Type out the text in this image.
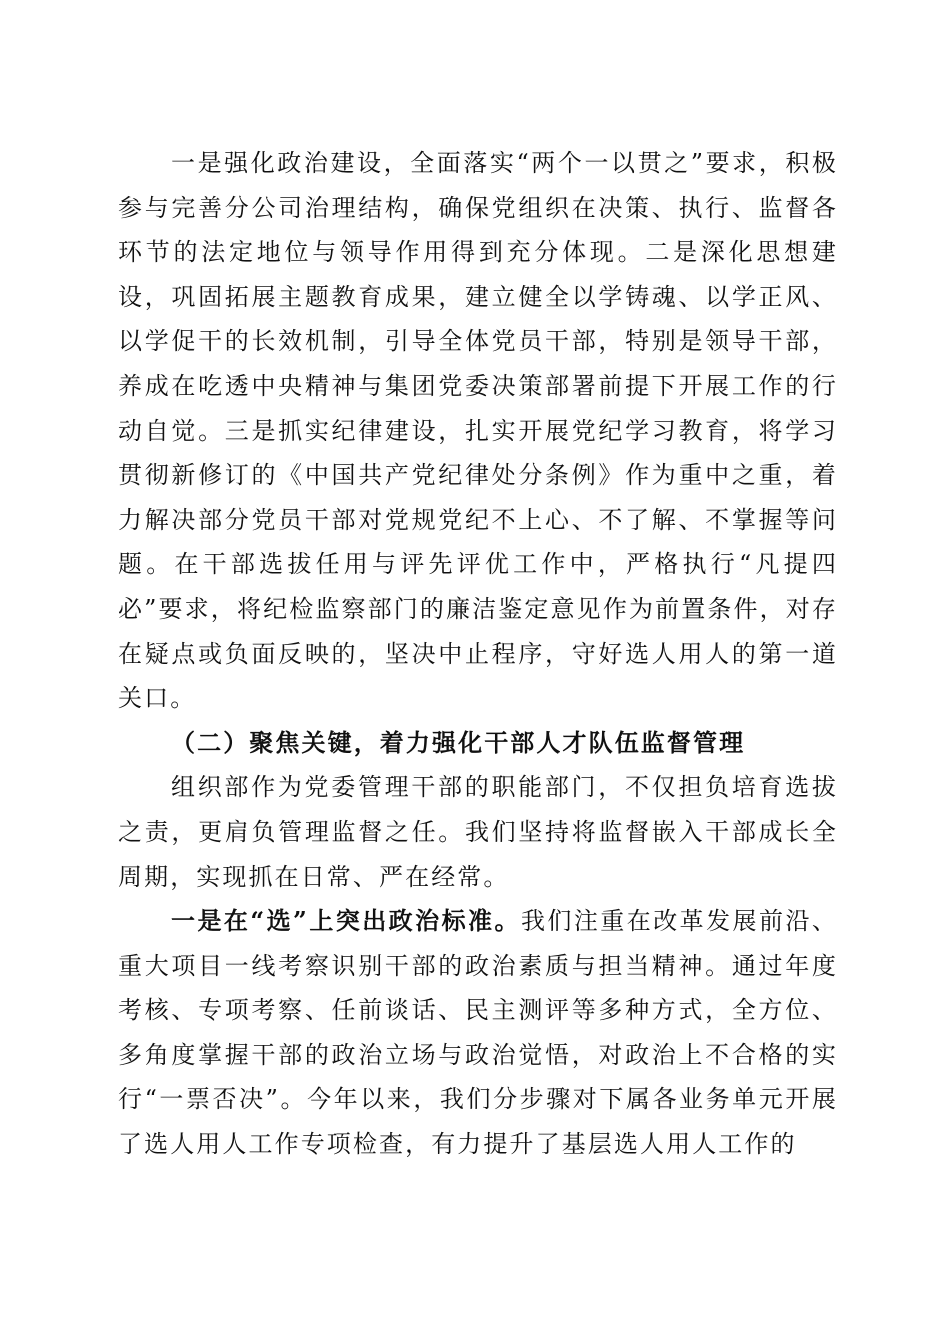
一是强化政治建设，全面落实“两个一以贯之”要求，积极参与完善分公司治理结构，确保党组织在决策、执行、监督各环节的法定地位与领导作用得到充分体现。二是深化思想建设，巩固拓展主题教育成果，建立健全以学铸魂、以学正风、以学促干的长效机制，引导全体党员干部，特别是领导干部，养成在吃透中央精神与集团党委决策部署前提下开展工作的行动自觉。三是抓实纪律建设，扎实开展党纪学习教育，将学习贯彻新修订的《中国共产党纪律处分条例》作为重中之重，着力解决部分党员干部对党规党纪不上心、不了解、不掌握等问题。在干部选拔任用与评先评优工作中，严格执行“凡提四必”要求，将纪检监察部门的廉洁鉴定意见作为前置条件，对存在疑点或负面反映的，坚决中止程序，守好选人用人的第一道关口。

（二）聚焦关键，着力强化干部人才队伍监督管理

组织部作为党委管理干部的职能部门，不仅担负培育选拔之责，更肩负管理监督之任。我们坚持将监督嵌入干部成长全周期，实现抓在日常、严在经常。

一是在“选”上突出政治标准。我们注重在改革发展前沿、重大项目一线考察识别干部的政治素质与担当精神。通过年度考核、专项考察、任前谈话、民主测评等多种方式，全方位、多角度掌握干部的政治立场与政治觉悟，对政治上不合格的实行“一票否决”。今年以来，我们分步骤对下属各业务单元开展了选人用人工作专项检查，有力提升了基层选人用人工作的
